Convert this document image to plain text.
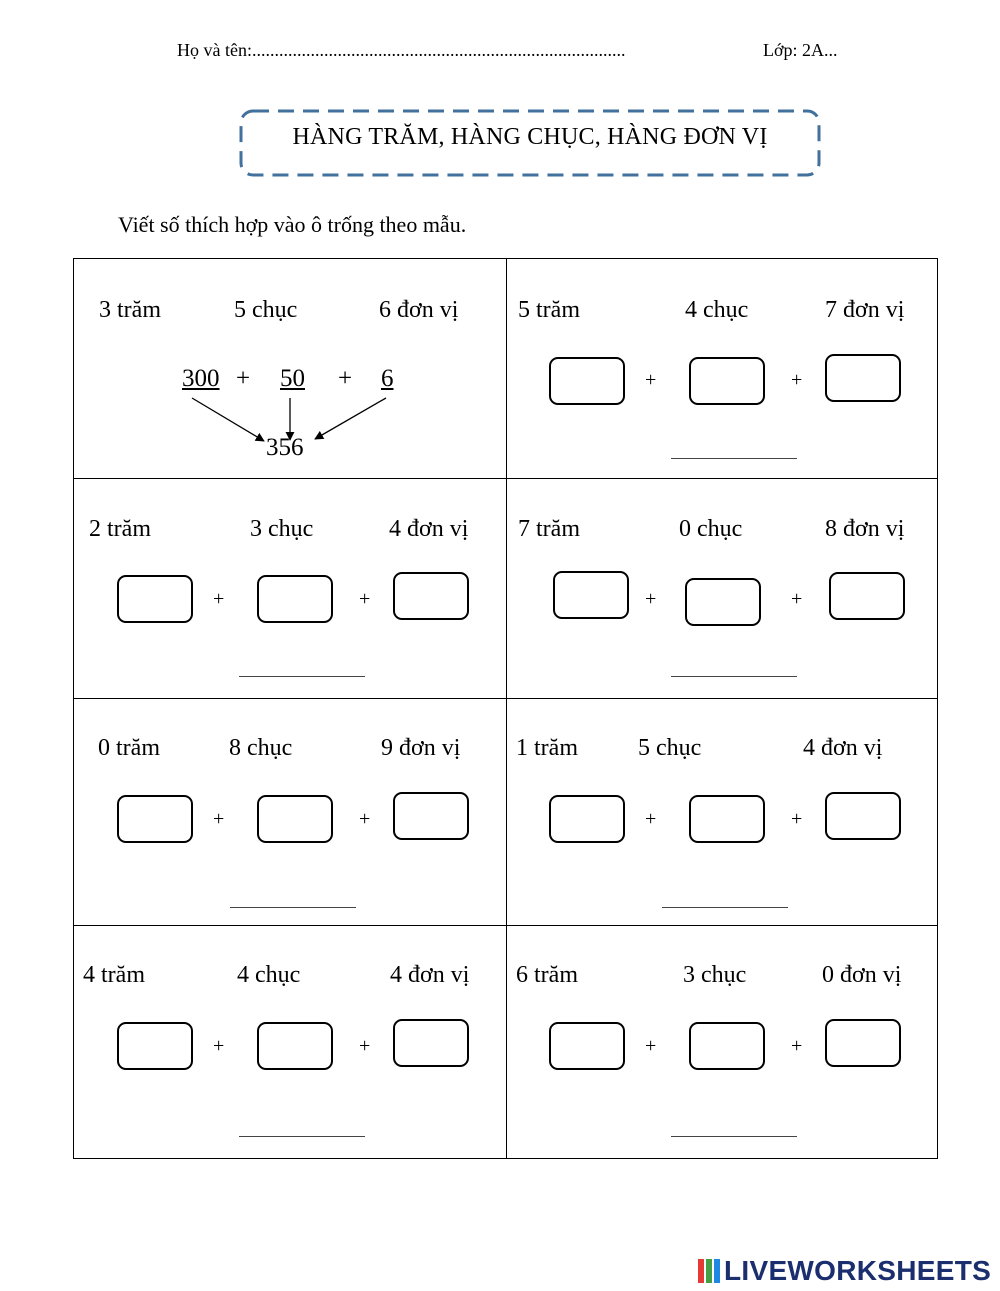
Họ và tên:...................................................................................	Lớp: 2A...
HÀNG TRĂM, HÀNG CHỤC, HÀNG ĐƠN VỊ
Viết số thích hợp vào ô trống theo mẫu.
3 trăm	5 chục	6 đơn vị
300 + 50 + 6
356
5 trăm	4 chục	7 đơn vị
+	+
2 trăm	3 chục	4 đơn vị
+	+
7 trăm	0 chục	8 đơn vị
+	+
0 trăm	8 chục	9 đơn vị
+	+
1 trăm	5 chục	4 đơn vị
+	+
4 trăm	4 chục	4 đơn vị
+	+
6 trăm	3 chục	0 đơn vị
+	+
LIVEWORKSHEETS
